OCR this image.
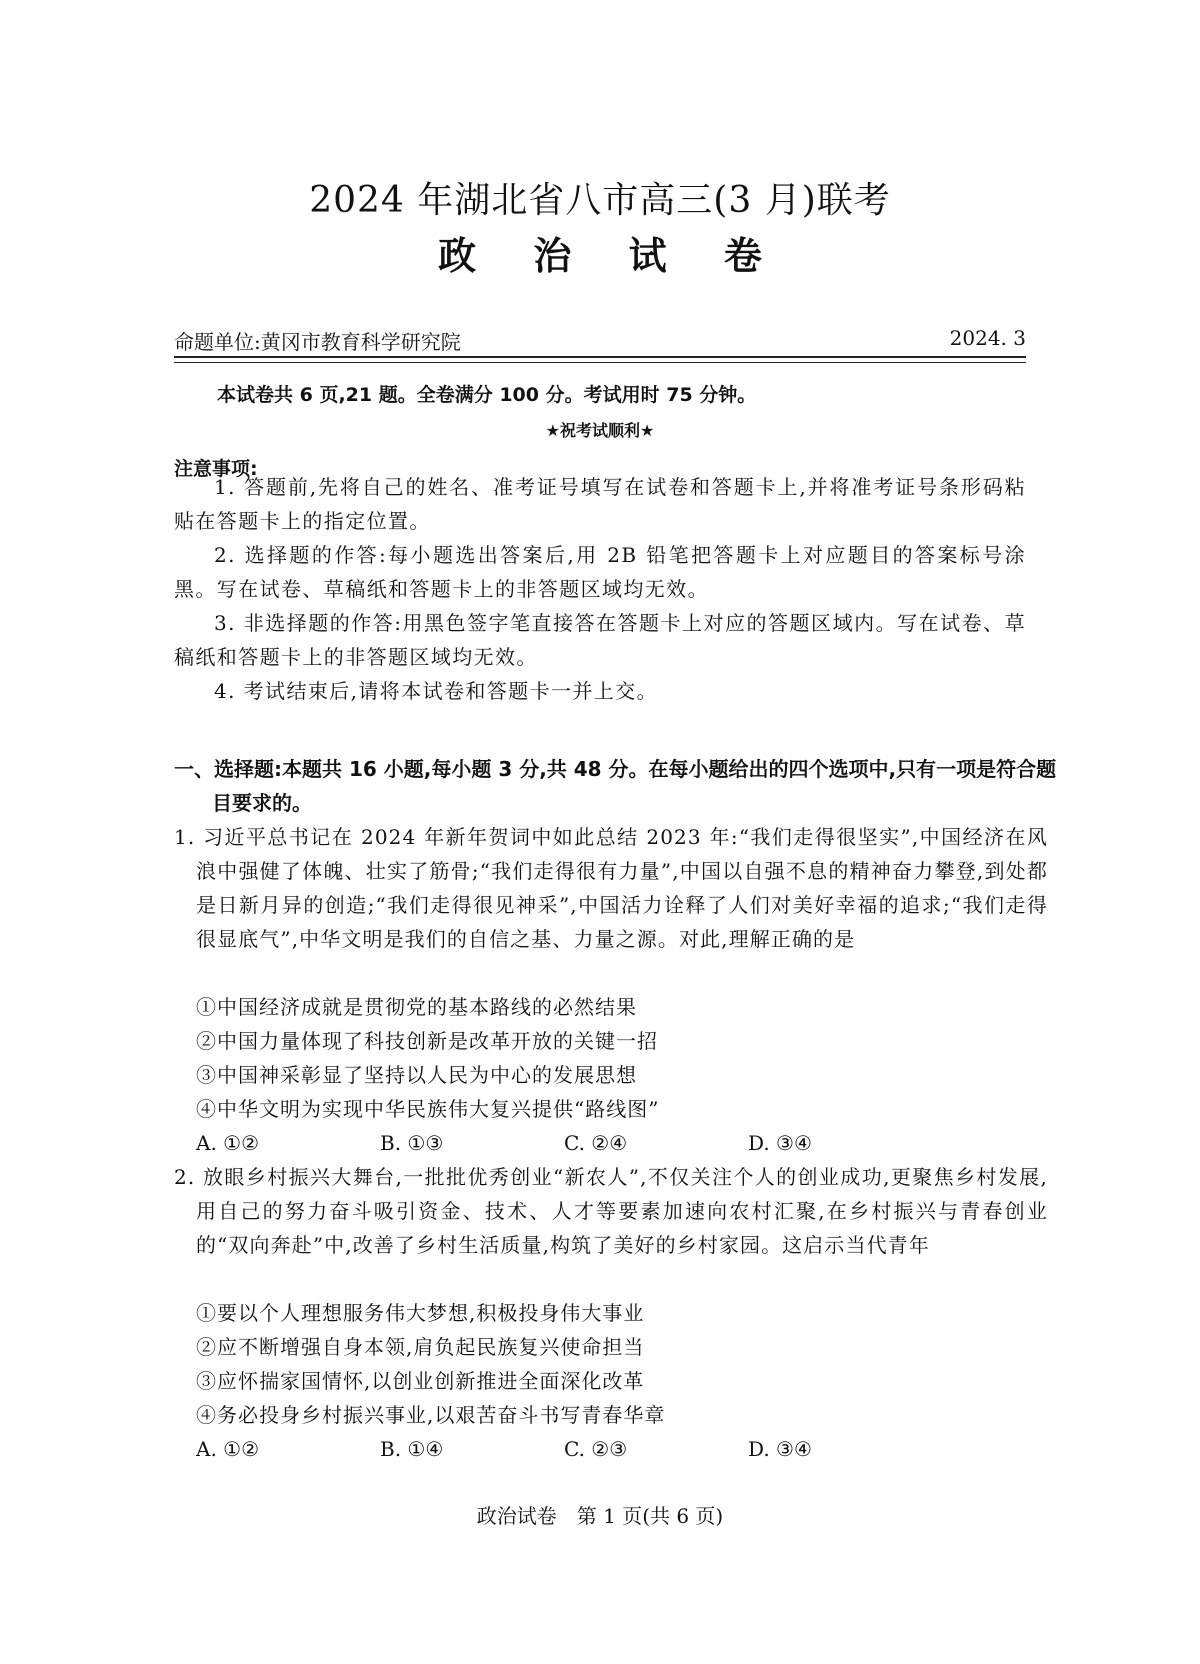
2024 年湖北省八市高三(3 月)联考
政 治 试 卷
命题单位:黄冈市教育科学研究院	2024. 3
本试卷共 6 页,21 题。全卷满分 100 分。考试用时 75 分钟。
★祝考试顺利★
注意事项:
1. 答题前,先将自己的姓名、准考证号填写在试卷和答题卡上,并将准考证号条形码粘贴在答题卡上的指定位置。
2. 选择题的作答:每小题选出答案后,用 2B 铅笔把答题卡上对应题目的答案标号涂黑。写在试卷、草稿纸和答题卡上的非答题区域均无效。
3. 非选择题的作答:用黑色签字笔直接答在答题卡上对应的答题区域内。写在试卷、草稿纸和答题卡上的非答题区域均无效。
4. 考试结束后,请将本试卷和答题卡一并上交。
一、选择题:本题共 16 小题,每小题 3 分,共 48 分。在每小题给出的四个选项中,只有一项是符合题目要求的。
1. 习近平总书记在 2024 年新年贺词中如此总结 2023 年:“我们走得很坚实”,中国经济在风浪中强健了体魄、壮实了筋骨;“我们走得很有力量”,中国以自强不息的精神奋力攀登,到处都是日新月异的创造;“我们走得很见神采”,中国活力诠释了人们对美好幸福的追求;“我们走得很显底气”,中华文明是我们的自信之基、力量之源。对此,理解正确的是
①中国经济成就是贯彻党的基本路线的必然结果
②中国力量体现了科技创新是改革开放的关键一招
③中国神采彰显了坚持以人民为中心的发展思想
④中华文明为实现中华民族伟大复兴提供“路线图”
A. ①②	B. ①③	C. ②④	D. ③④
2. 放眼乡村振兴大舞台,一批批优秀创业“新农人”,不仅关注个人的创业成功,更聚焦乡村发展,用自己的努力奋斗吸引资金、技术、人才等要素加速向农村汇聚,在乡村振兴与青春创业的“双向奔赴”中,改善了乡村生活质量,构筑了美好的乡村家园。这启示当代青年
①要以个人理想服务伟大梦想,积极投身伟大事业
②应不断增强自身本领,肩负起民族复兴使命担当
③应怀揣家国情怀,以创业创新推进全面深化改革
④务必投身乡村振兴事业,以艰苦奋斗书写青春华章
A. ①②	B. ①④	C. ②③	D. ③④
政治试卷　第 1 页(共 6 页)
